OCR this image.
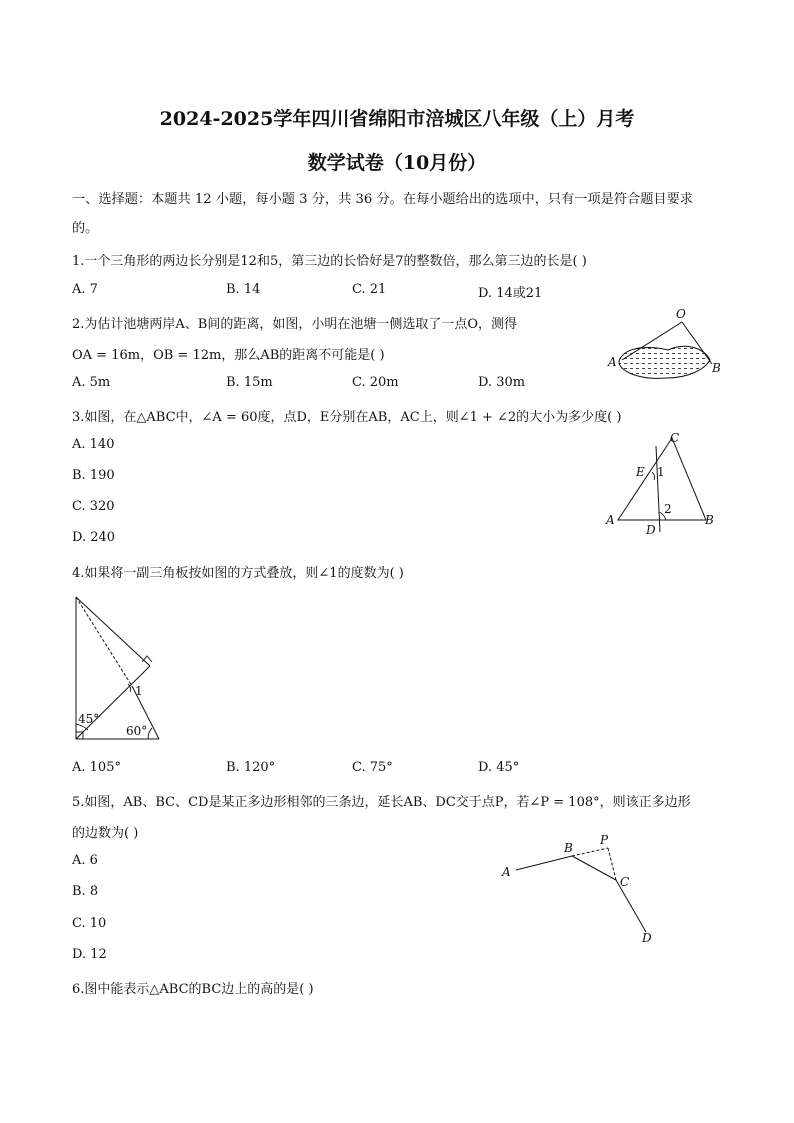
2024-2025学年四川省绵阳市涪城区八年级（上）月考
数学试卷（10月份）
一、选择题：本题共 12 小题，每小题 3 分，共 36 分。在每小题给出的选项中，只有一项是符合题目要求
的。
1.一个三角形的两边长分别是12和5，第三边的长恰好是7的整数倍，那么第三边的长是( )
A. 7	B. 14	C. 21	D. 14或21
2.为估计池塘两岸A、B间的距离，如图，小明在池塘一侧选取了一点O，测得
OA = 16m，OB = 12m，那么AB的距离不可能是( )
A. 5m	B. 15m	C. 20m	D. 30m
O
A	B
3.如图，在△ABC中，∠A = 60度，点D，E分别在AB，AC上，则∠1 + ∠2的大小为多少度( )
A. 140
B. 190
C. 320
D. 240
C
E 1
2
A	B
D
4.如果将一副三角板按如图的方式叠放，则∠1的度数为( )
1
45°
60°
A. 105°	B. 120°	C. 75°	D. 45°
5.如图，AB、BC、CD是某正多边形相邻的三条边，延长AB、DC交于点P，若∠P = 108°，则该正多边形
的边数为( )
A. 6
B. 8
C. 10
D. 12
A
B
P
C
D
6.图中能表示△ABC的BC边上的高的是( )
